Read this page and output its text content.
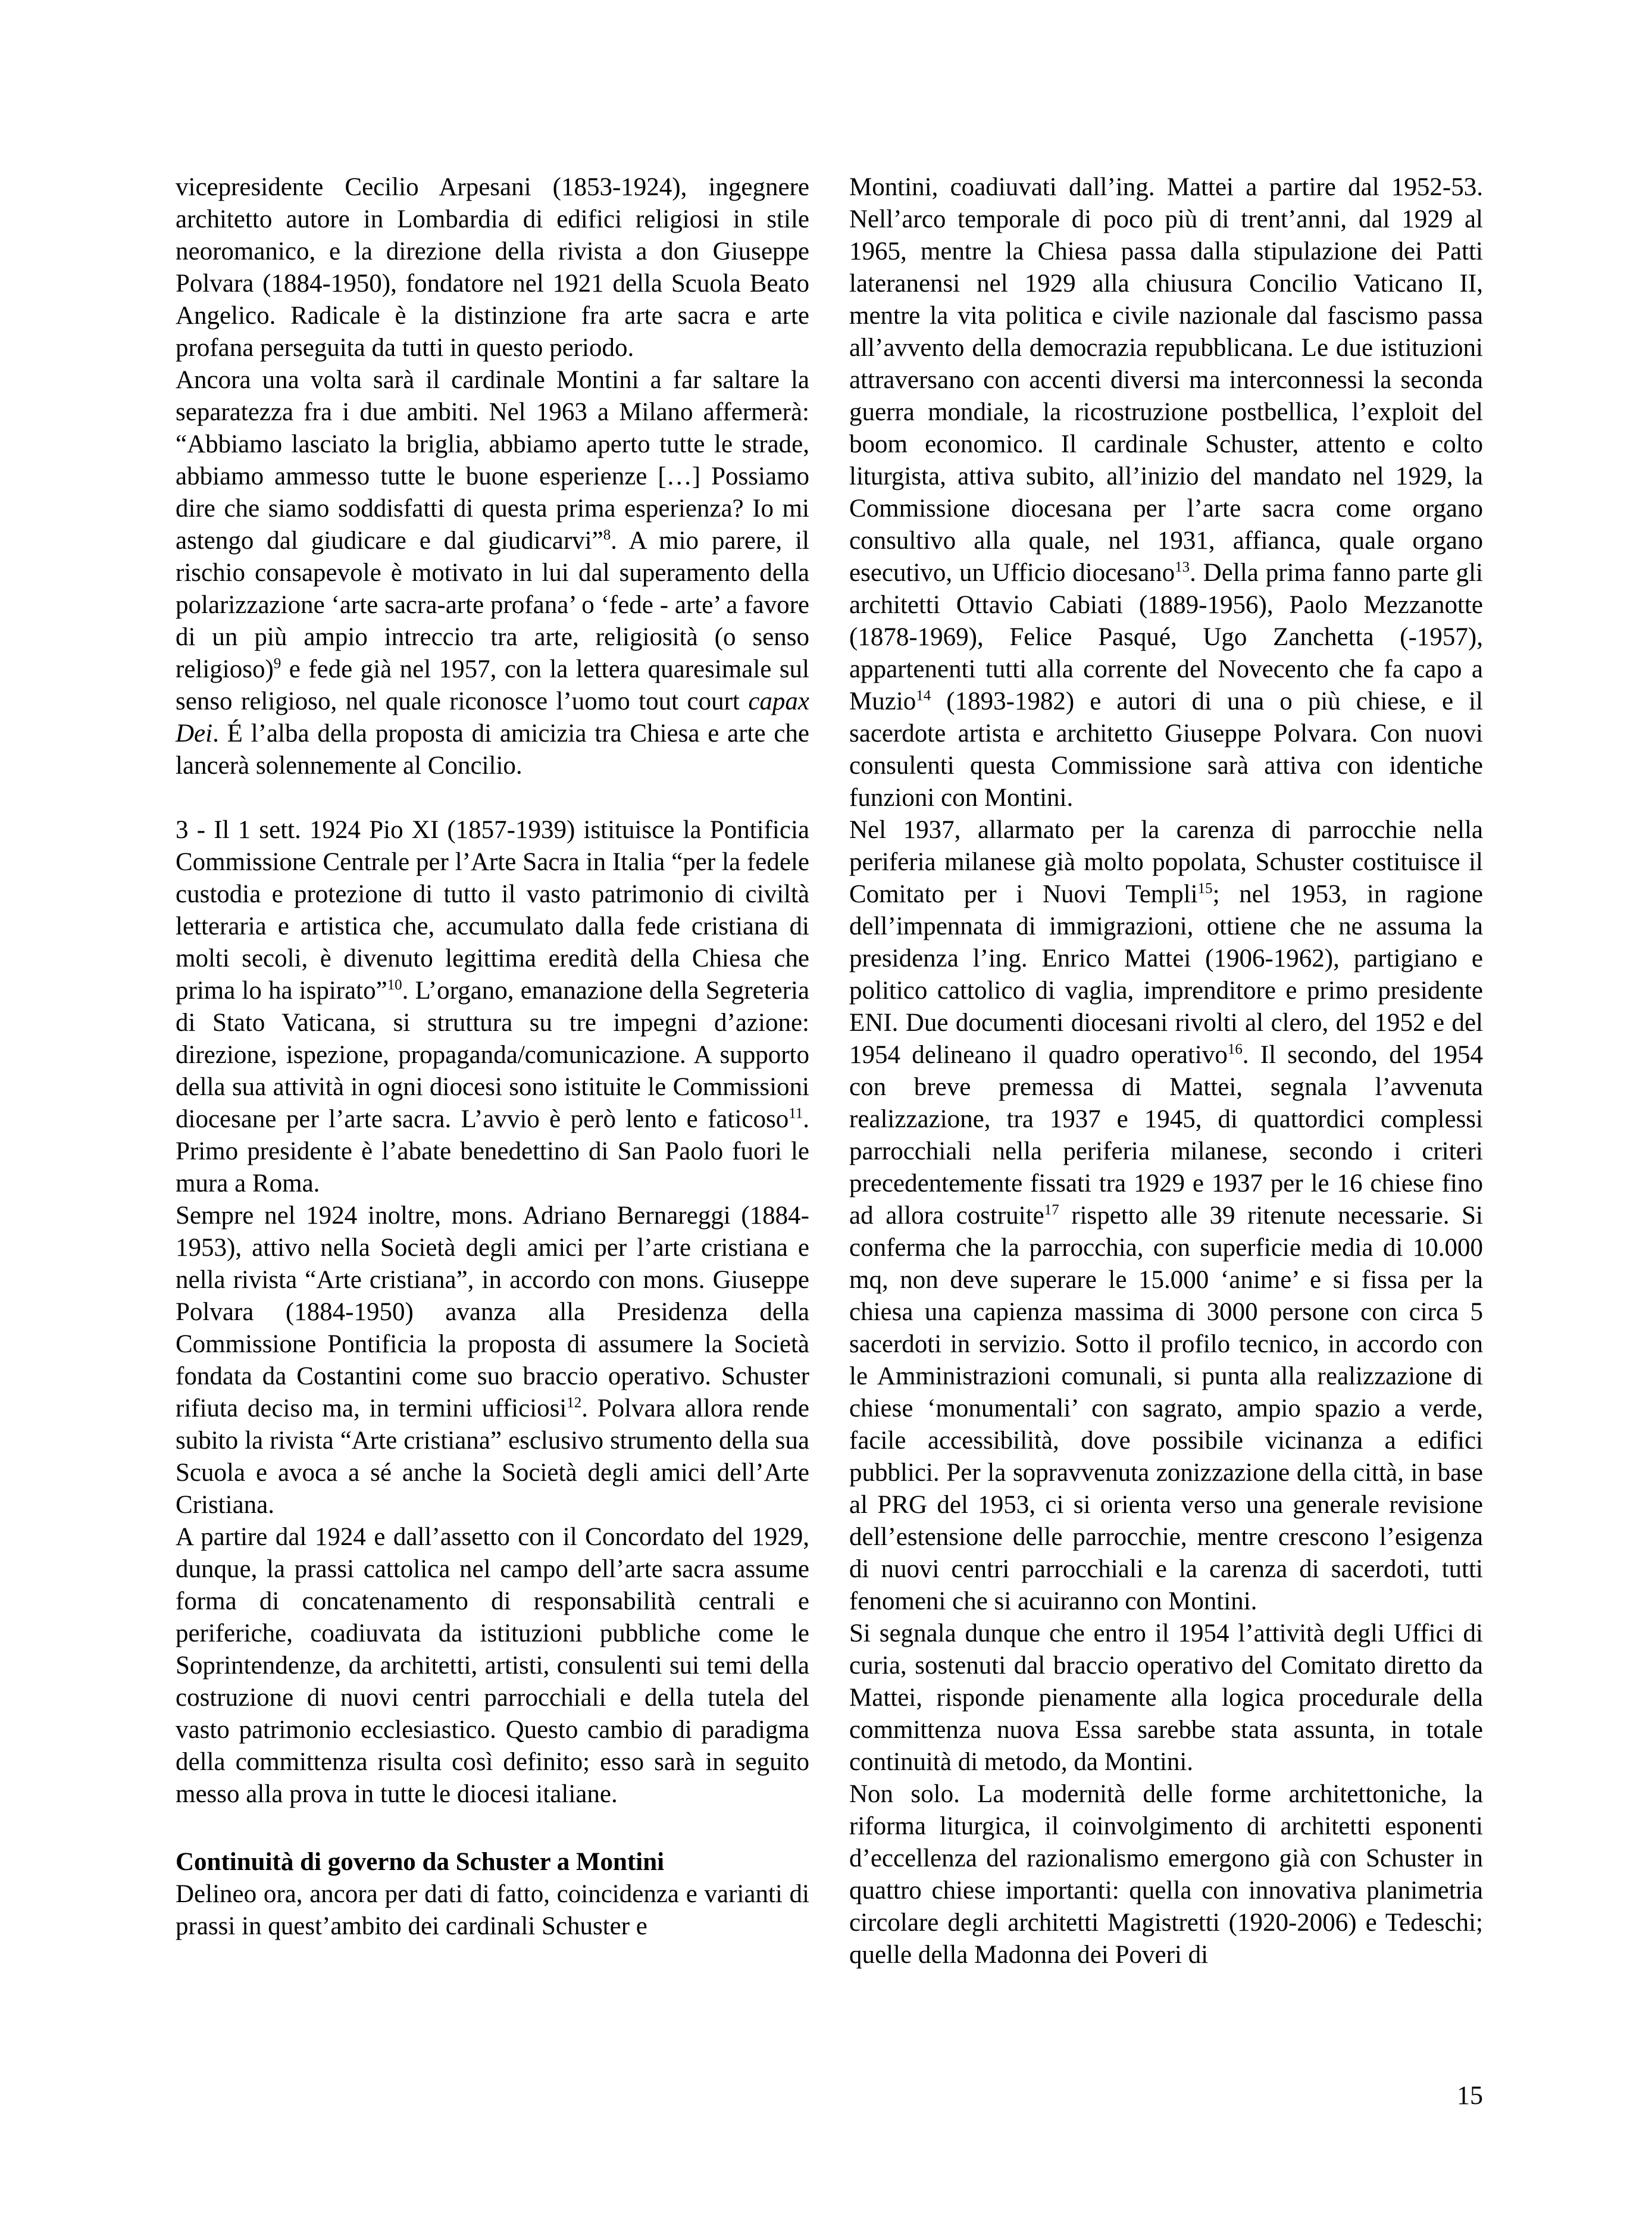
vicepresidente Cecilio Arpesani (1853-1924), ingegnere architetto autore in Lombardia di edifici religiosi in stile neoromanico, e la direzione della rivista a don Giuseppe Polvara (1884-1950), fondatore nel 1921 della Scuola Beato Angelico. Radicale è la distinzione fra arte sacra e arte profana perseguita da tutti in questo periodo.

Ancora una volta sarà il cardinale Montini a far saltare la separatezza fra i due ambiti. Nel 1963 a Milano affermerà: “Abbiamo lasciato la briglia, abbiamo aperto tutte le strade, abbiamo ammesso tutte le buone esperienze […] Possiamo dire che siamo soddisfatti di questa prima esperienza? Io mi astengo dal giudicare e dal giudicarvi”$^8$. A mio parere, il rischio consapevole è motivato in lui dal superamento della polarizzazione ‘arte sacra-arte profana’ o ‘fede - arte’ a favore di un più ampio intreccio tra arte, religiosità (o senso religioso)$^9$ e fede già nel 1957, con la lettera quaresimale sul senso religioso, nel quale riconosce l’uomo tout court capax Dei. É l’alba della proposta di amicizia tra Chiesa e arte che lancerà solennemente al Concilio.

3 - Il 1 sett. 1924 Pio XI (1857-1939) istituisce la Pontificia Commissione Centrale per l’Arte Sacra in Italia “per la fedele custodia e protezione di tutto il vasto patrimonio di civiltà letteraria e artistica che, accumulato dalla fede cristiana di molti secoli, è divenuto legittima eredità della Chiesa che prima lo ha ispirato”$^{10}$. L’organo, emanazione della Segreteria di Stato Vaticana, si struttura su tre impegni d’azione: direzione, ispezione, propaganda/comunicazione. A supporto della sua attività in ogni diocesi sono istituite le Commissioni diocesane per l’arte sacra. L’avvio è però lento e faticoso$^{11}$. Primo presidente è l’abate benedettino di San Paolo fuori le mura a Roma.

Sempre nel 1924 inoltre, mons. Adriano Bernareggi (1884-1953), attivo nella Società degli amici per l’arte cristiana e nella rivista “Arte cristiana”, in accordo con mons. Giuseppe Polvara (1884-1950) avanza alla Presidenza della Commissione Pontificia la proposta di assumere la Società fondata da Costantini come suo braccio operativo. Schuster rifiuta deciso ma, in termini ufficiosi$^{12}$. Polvara allora rende subito la rivista “Arte cristiana” esclusivo strumento della sua Scuola e avoca a sé anche la Società degli amici dell’Arte Cristiana.

A partire dal 1924 e dall’assetto con il Concordato del 1929, dunque, la prassi cattolica nel campo dell’arte sacra assume forma di concatenamento di responsabilità centrali e periferiche, coadiuvata da istituzioni pubbliche come le Soprintendenze, da architetti, artisti, consulenti sui temi della costruzione di nuovi centri parrocchiali e della tutela del vasto patrimonio ecclesiastico. Questo cambio di paradigma della committenza risulta così definito; esso sarà in seguito messo alla prova in tutte le diocesi italiane.

Continuità di governo da Schuster a Montini

Delineo ora, ancora per dati di fatto, coincidenza e varianti di prassi in quest’ambito dei cardinali Schuster e

Montini, coadiuvati dall’ing. Mattei a partire dal 1952-53. Nell’arco temporale di poco più di trent’anni, dal 1929 al 1965, mentre la Chiesa passa dalla stipulazione dei Patti lateranensi nel 1929 alla chiusura Concilio Vaticano II, mentre la vita politica e civile nazionale dal fascismo passa all’avvento della democrazia repubblicana. Le due istituzioni attraversano con accenti diversi ma interconnessi la seconda guerra mondiale, la ricostruzione postbellica, l’exploit del boom economico. Il cardinale Schuster, attento e colto liturgista, attiva subito, all’inizio del mandato nel 1929, la Commissione diocesana per l’arte sacra come organo consultivo alla quale, nel 1931, affianca, quale organo esecutivo, un Ufficio diocesano$^{13}$. Della prima fanno parte gli architetti Ottavio Cabiati (1889-1956), Paolo Mezzanotte (1878-1969), Felice Pasqué, Ugo Zanchetta (-1957), appartenenti tutti alla corrente del Novecento che fa capo a Muzio$^{14}$ (1893-1982) e autori di una o più chiese, e il sacerdote artista e architetto Giuseppe Polvara. Con nuovi consulenti questa Commissione sarà attiva con identiche funzioni con Montini.

Nel 1937, allarmato per la carenza di parrocchie nella periferia milanese già molto popolata, Schuster costituisce il Comitato per i Nuovi Templi$^{15}$; nel 1953, in ragione dell’impennata di immigrazioni, ottiene che ne assuma la presidenza l’ing. Enrico Mattei (1906-1962), partigiano e politico cattolico di vaglia, imprenditore e primo presidente ENI. Due documenti diocesani rivolti al clero, del 1952 e del 1954 delineano il quadro operativo$^{16}$. Il secondo, del 1954 con breve premessa di Mattei, segnala l’avvenuta realizzazione, tra 1937 e 1945, di quattordici complessi parrocchiali nella periferia milanese, secondo i criteri precedentemente fissati tra 1929 e 1937 per le 16 chiese fino ad allora costruite$^{17}$ rispetto alle 39 ritenute necessarie. Si conferma che la parrocchia, con superficie media di 10.000 mq, non deve superare le 15.000 ‘anime’ e si fissa per la chiesa una capienza massima di 3000 persone con circa 5 sacerdoti in servizio. Sotto il profilo tecnico, in accordo con le Amministrazioni comunali, si punta alla realizzazione di chiese ‘monumentali’ con sagrato, ampio spazio a verde, facile accessibilità, dove possibile vicinanza a edifici pubblici. Per la sopravvenuta zonizzazione della città, in base al PRG del 1953, ci si orienta verso una generale revisione dell’estensione delle parrocchie, mentre crescono l’esigenza di nuovi centri parrocchiali e la carenza di sacerdoti, tutti fenomeni che si acuiranno con Montini.

Si segnala dunque che entro il 1954 l’attività degli Uffici di curia, sostenuti dal braccio operativo del Comitato diretto da Mattei, risponde pienamente alla logica procedurale della committenza nuova Essa sarebbe stata assunta, in totale continuità di metodo, da Montini.

Non solo. La modernità delle forme architettoniche, la riforma liturgica, il coinvolgimento di architetti esponenti d’eccellenza del razionalismo emergono già con Schuster in quattro chiese importanti: quella con innovativa planimetria circolare degli architetti Magistretti (1920-2006) e Tedeschi; quelle della Madonna dei Poveri di

15
